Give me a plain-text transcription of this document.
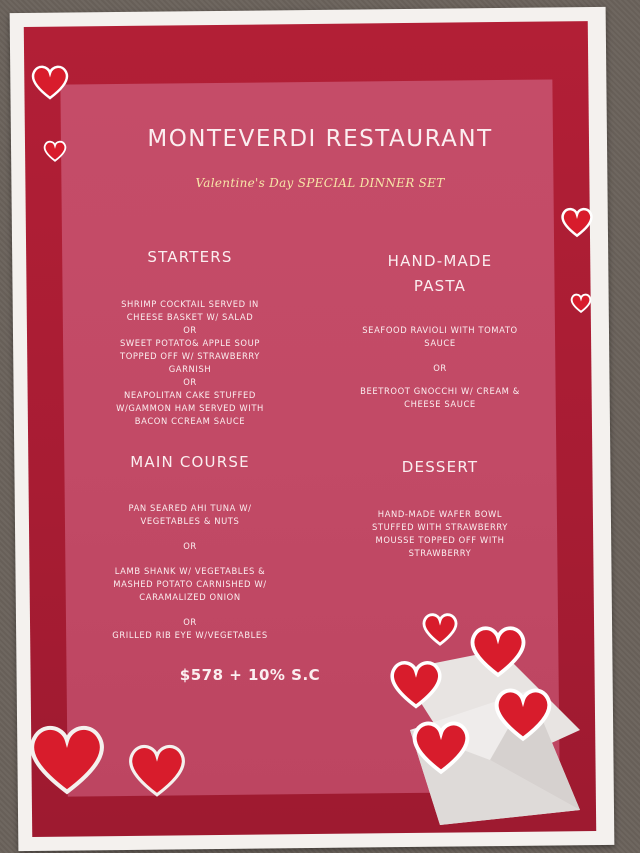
MONTEVERDI RESTAURANT
Valentine's Day SPECIAL DINNER SET
STARTERS
SHRIMP COCKTAIL SERVED IN
CHEESE BASKET W/ SALAD
OR
SWEET POTATO& APPLE SOUP
TOPPED OFF W/ STRAWBERRY
GARNISH
OR
NEAPOLITAN CAKE STUFFED
W/GAMMON HAM SERVED WITH
BACON CCREAM SAUCE
HAND-MADE
PASTA
SEAFOOD RAVIOLI WITH TOMATO
SAUCE
OR
BEETROOT GNOCCHI W/ CREAM &
CHEESE SAUCE
MAIN COURSE
PAN SEARED AHI TUNA W/
VEGETABLES & NUTS
OR
LAMB SHANK W/ VEGETABLES &
MASHED POTATO CARNISHED W/
CARAMALIZED ONION
OR
GRILLED RIB EYE W/VEGETABLES
DESSERT
HAND-MADE WAFER BOWL
STUFFED WITH STRAWBERRY
MOUSSE TOPPED OFF WITH
STRAWBERRY
$578 + 10% S.C
